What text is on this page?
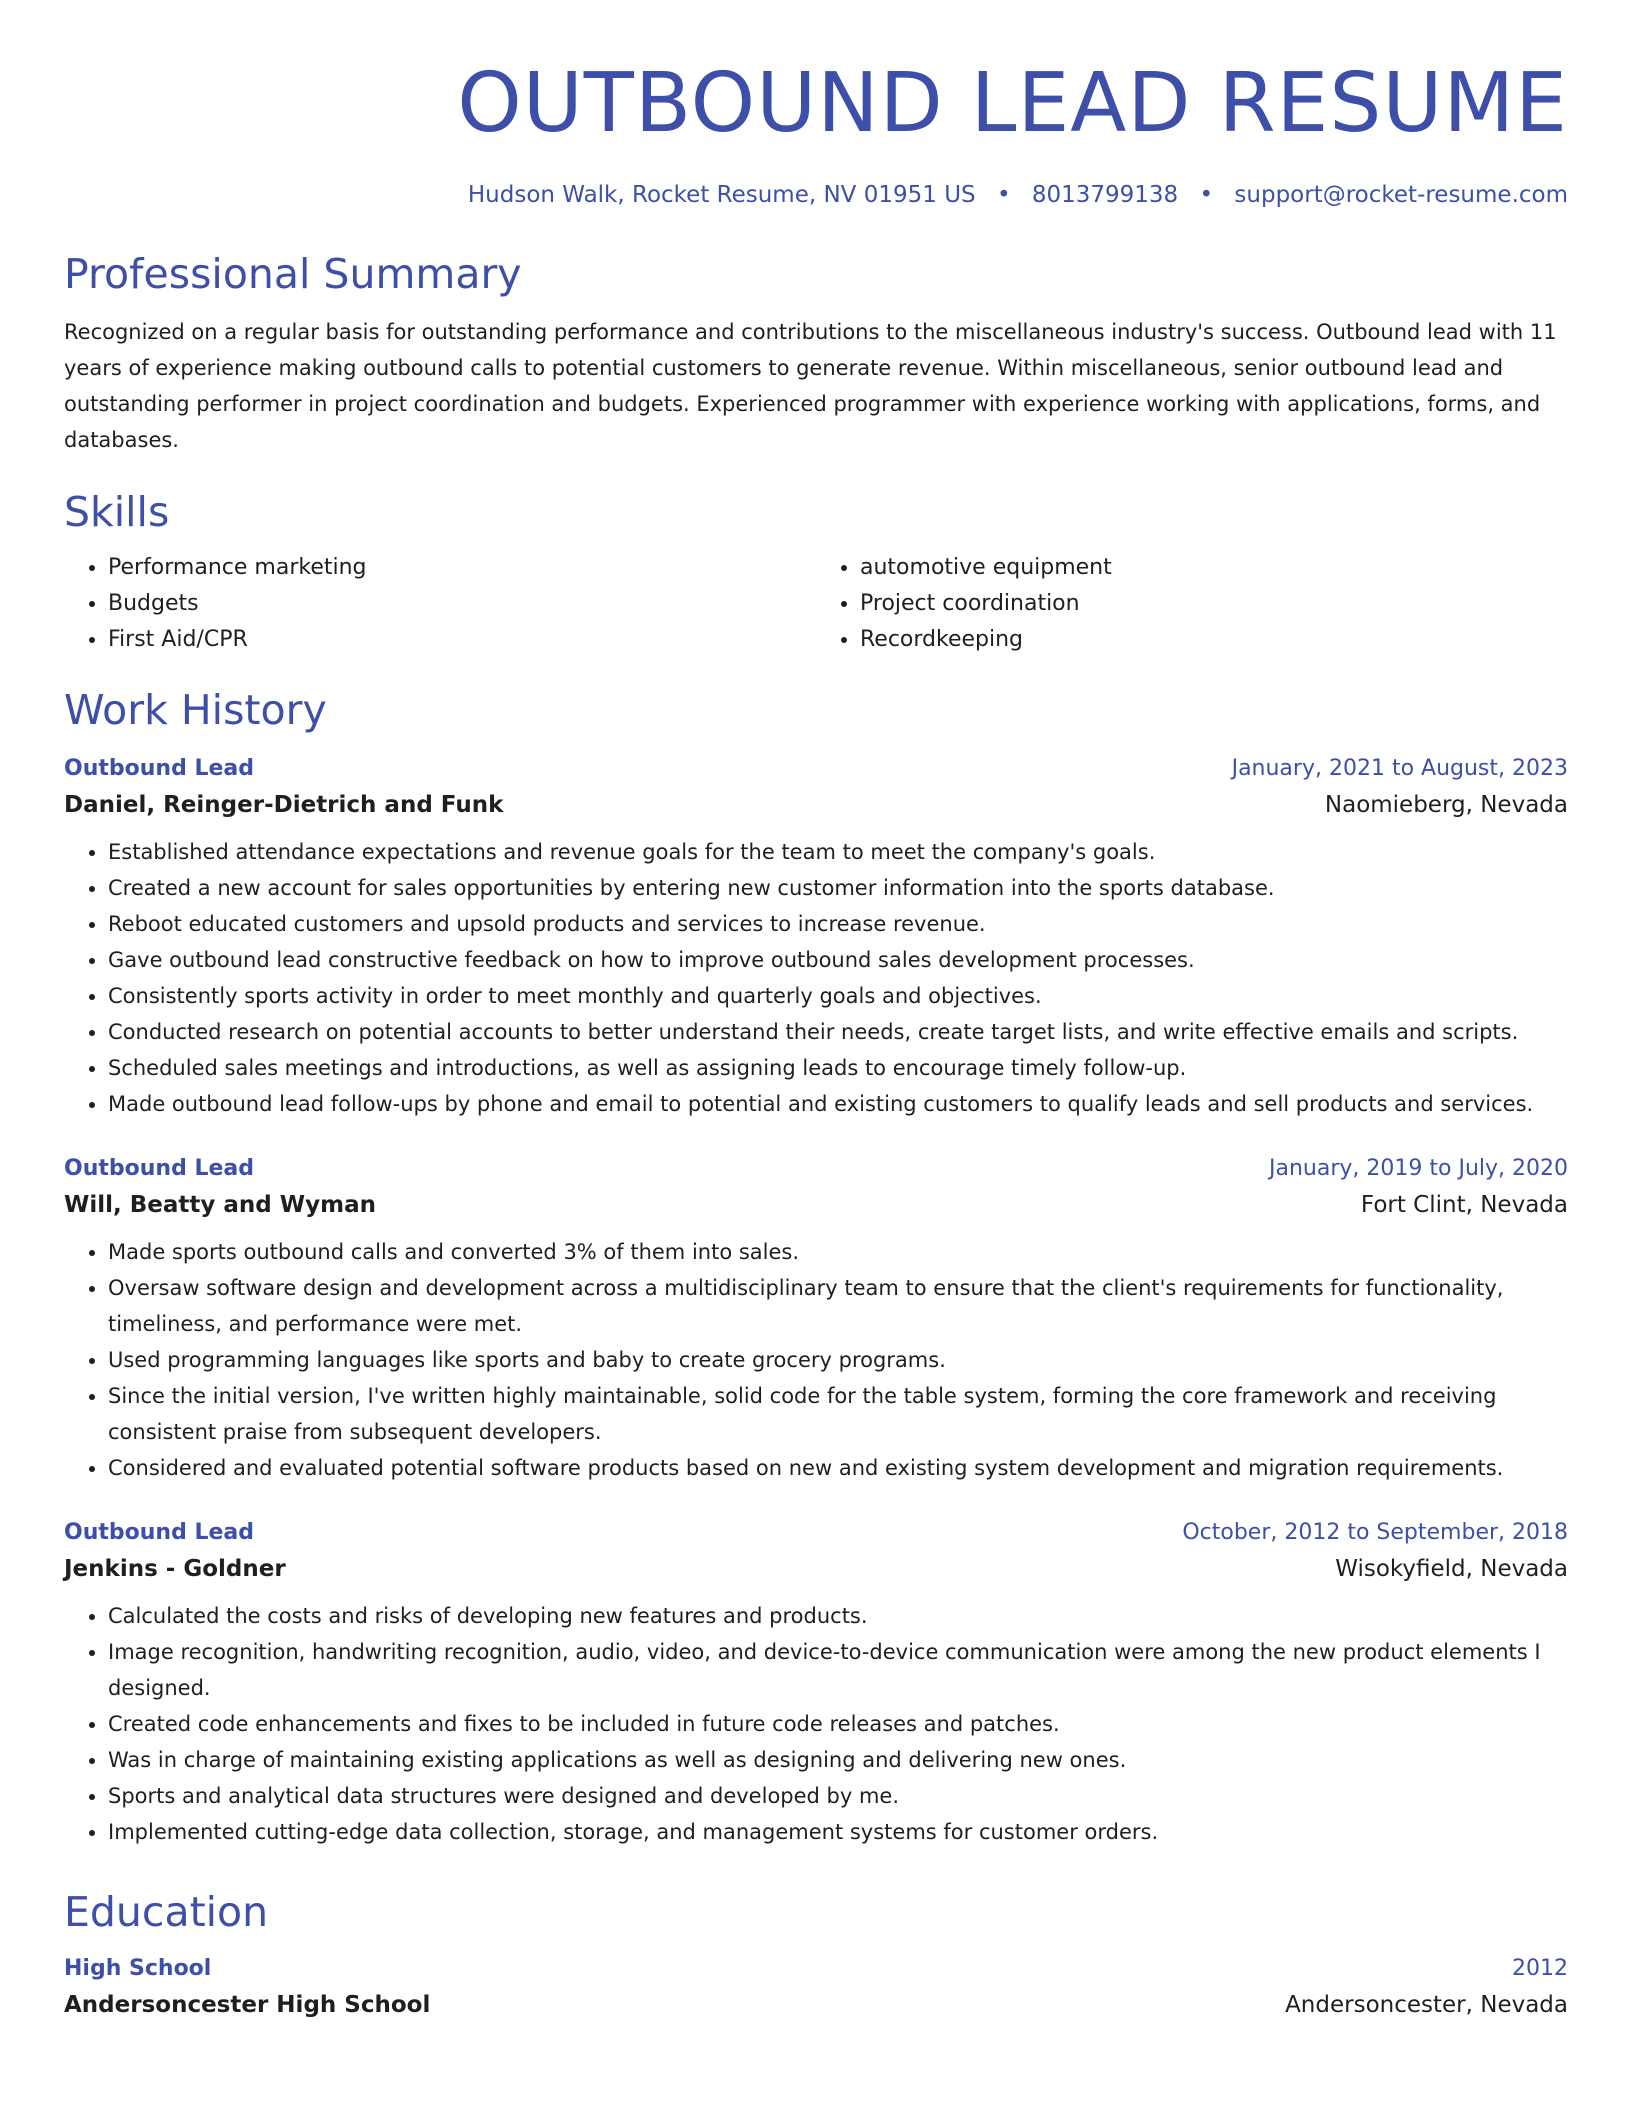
OUTBOUND LEAD RESUME
Hudson Walk, Rocket Resume, NV 01951 US • 8013799138 • support@rocket-resume.com
Professional Summary
Recognized on a regular basis for outstanding performance and contributions to the miscellaneous industry's success. Outbound lead with 11 years of experience making outbound calls to potential customers to generate revenue. Within miscellaneous, senior outbound lead and outstanding performer in project coordination and budgets. Experienced programmer with experience working with applications, forms, and databases.
Skills
• Performance marketing
• Budgets
• First Aid/CPR
• automotive equipment
• Project coordination
• Recordkeeping
Work History
Outbound Lead	January, 2021 to August, 2023
Daniel, Reinger-Dietrich and Funk	Naomieberg, Nevada
• Established attendance expectations and revenue goals for the team to meet the company's goals.
• Created a new account for sales opportunities by entering new customer information into the sports database.
• Reboot educated customers and upsold products and services to increase revenue.
• Gave outbound lead constructive feedback on how to improve outbound sales development processes.
• Consistently sports activity in order to meet monthly and quarterly goals and objectives.
• Conducted research on potential accounts to better understand their needs, create target lists, and write effective emails and scripts.
• Scheduled sales meetings and introductions, as well as assigning leads to encourage timely follow-up.
• Made outbound lead follow-ups by phone and email to potential and existing customers to qualify leads and sell products and services.
Outbound Lead	January, 2019 to July, 2020
Will, Beatty and Wyman	Fort Clint, Nevada
• Made sports outbound calls and converted 3% of them into sales.
• Oversaw software design and development across a multidisciplinary team to ensure that the client's requirements for functionality, timeliness, and performance were met.
• Used programming languages like sports and baby to create grocery programs.
• Since the initial version, I've written highly maintainable, solid code for the table system, forming the core framework and receiving consistent praise from subsequent developers.
• Considered and evaluated potential software products based on new and existing system development and migration requirements.
Outbound Lead	October, 2012 to September, 2018
Jenkins - Goldner	Wisokyfield, Nevada
• Calculated the costs and risks of developing new features and products.
• Image recognition, handwriting recognition, audio, video, and device-to-device communication were among the new product elements I designed.
• Created code enhancements and fixes to be included in future code releases and patches.
• Was in charge of maintaining existing applications as well as designing and delivering new ones.
• Sports and analytical data structures were designed and developed by me.
• Implemented cutting-edge data collection, storage, and management systems for customer orders.
Education
High School	2012
Andersoncester High School	Andersoncester, Nevada
